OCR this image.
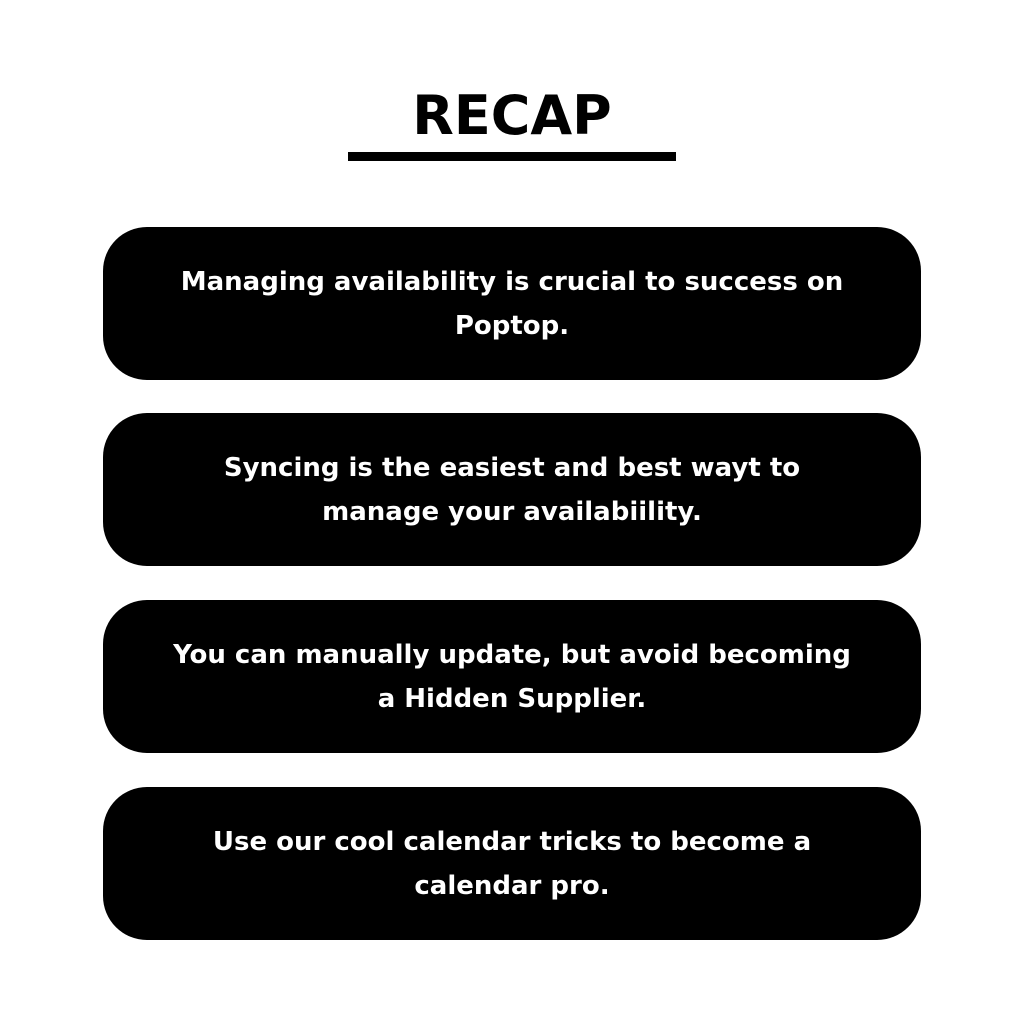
RECAP
Managing availability is crucial to success on Poptop.
Syncing is the easiest and best wayt to manage your availabiility.
You can manually update, but avoid becoming a Hidden Supplier.
Use our cool calendar tricks to become a calendar pro.
